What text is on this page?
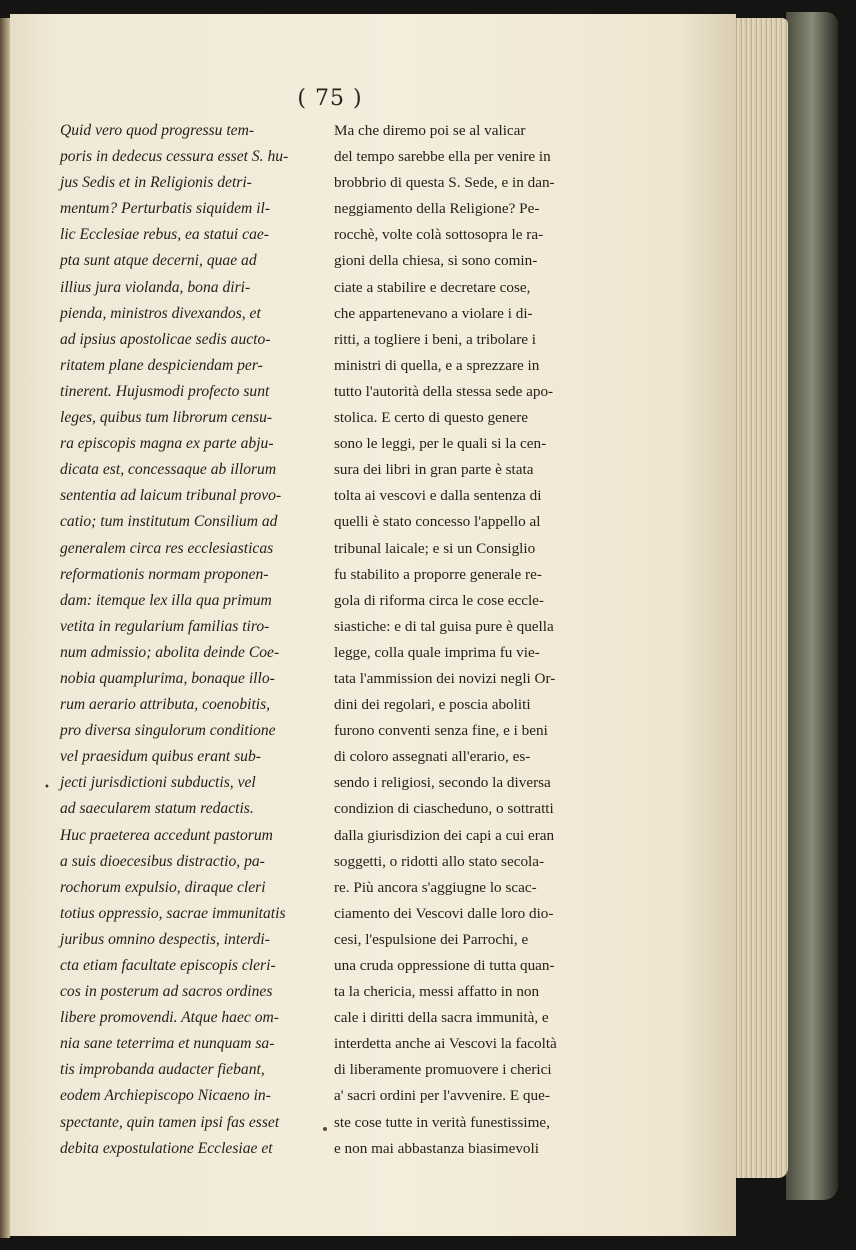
( 75 )
Quid vero quod progressu tem-
poris in dedecus cessura esset S. hu-
jus Sedis et in Religionis detri-
mentum? Perturbatis siquidem il-
lic Ecclesiae rebus, ea statui cae-
pta sunt atque decerni, quae ad
illius jura violanda, bona diri-
pienda, ministros divexandos, et
ad ipsius apostolicae sedis aucto-
ritatem plane despiciendam per-
tinerent. Hujusmodi profecto sunt
leges, quibus tum librorum censu-
ra episcopis magna ex parte abju-
dicata est, concessaque ab illorum
sententia ad laicum tribunal provo-
catio; tum institutum Consilium ad
generalem circa res ecclesiasticas
reformationis normam proponen-
dam: itemque lex illa qua primum
vetita in regularium familias tiro-
num admissio; abolita deinde Coe-
nobia quamplurima, bonaque illo-
rum aerario attributa, coenobitis,
pro diversa singulorum conditione
vel praesidum quibus erant sub-
jecti jurisdictioni subductis, vel
ad saecularem statum redactis.
Huc praeterea accedunt pastorum
a suis dioecesibus distractio, pa-
rochorum expulsio, diraque cleri
totius oppressio, sacrae immunitatis
juribus omnino despectis, interdi-
cta etiam facultate episcopis cleri-
cos in posterum ad sacros ordines
libere promovendi. Atque haec om-
nia sane teterrima et nunquam sa-
tis improbanda audacter fiebant,
eodem Archiepiscopo Nicaeno in-
spectante, quin tamen ipsi fas esset
debita expostulatione Ecclesiae et
Ma che diremo poi se al valicar
del tempo sarebbe ella per venire in
brobbrio di questa S. Sede, e in dan-
neggiamento della Religione? Pe-
rocchè, volte colà sottosopra le ra-
gioni della chiesa, si sono comin-
ciate a stabilire e decretare cose,
che appartenevano a violare i di-
ritti, a togliere i beni, a tribolare i
ministri di quella, e a sprezzare in
tutto l'autorità della stessa sede apo-
stolica. E certo di questo genere
sono le leggi, per le quali si la cen-
sura dei libri in gran parte è stata
tolta ai vescovi e dalla sentenza di
quelli è stato concesso l'appello al
tribunal laicale; e si un Consiglio
fu stabilito a proporre generale re-
gola di riforma circa le cose eccle-
siastiche: e di tal guisa pure è quella
legge, colla quale imprima fu vie-
tata l'ammission dei novizi negli Or-
dini dei regolari, e poscia aboliti
furono conventi senza fine, e i beni
di coloro assegnati all'erario, es-
sendo i religiosi, secondo la diversa
condizion di ciascheduno, o sottratti
dalla giurisdizion dei capi a cui eran
soggetti, o ridotti allo stato secola-
re. Più ancora s'aggiugne lo scac-
ciamento dei Vescovi dalle loro dio-
cesi, l'espulsione dei Parrochi, e
una cruda oppressione di tutta quan-
ta la chericia, messi affatto in non
cale i diritti della sacra immunità, e
interdetta anche ai Vescovi la facoltà
di liberamente promuovere i cherici
a' sacri ordini per l'avvenire. E que-
ste cose tutte in verità funestissime,
e non mai abbastanza biasimevoli
•
